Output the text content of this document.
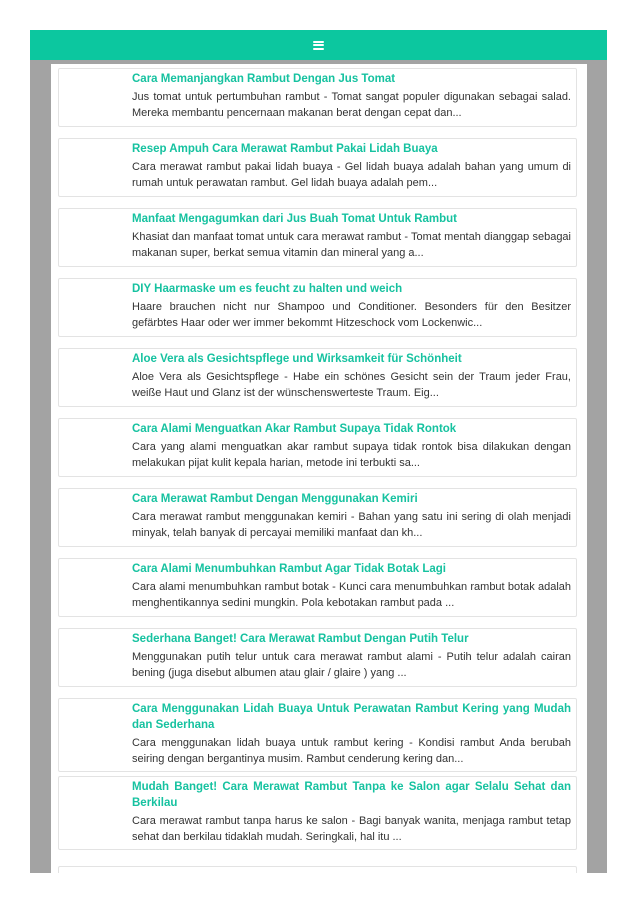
Cara Memanjangkan Rambut Dengan Jus Tomat

Jus tomat untuk pertumbuhan rambut - Tomat sangat populer digunakan sebagai salad. Mereka membantu pencernaan makanan berat dengan cepat dan...

Resep Ampuh Cara Merawat Rambut Pakai Lidah Buaya

Cara merawat rambut pakai lidah buaya - Gel lidah buaya adalah bahan yang umum di rumah untuk perawatan rambut. Gel lidah buaya adalah pem...

Manfaat Mengagumkan dari Jus Buah Tomat Untuk Rambut

Khasiat dan manfaat tomat untuk cara merawat rambut - Tomat mentah dianggap sebagai makanan super, berkat semua vitamin dan mineral yang a...

DIY Haarmaske um es feucht zu halten und weich

Haare brauchen nicht nur Shampoo und Conditioner. Besonders für den Besitzer gefärbtes Haar oder wer immer bekommt Hitzeschock vom Lockenwic...

Aloe Vera als Gesichtspflege und Wirksamkeit für Schönheit

Aloe Vera als Gesichtspflege - Habe ein schönes Gesicht sein der Traum jeder Frau, weiße Haut und Glanz ist der wünschenswerteste Traum. Eig...

Cara Alami Menguatkan Akar Rambut Supaya Tidak Rontok

Cara yang alami menguatkan akar rambut supaya tidak rontok bisa dilakukan dengan melakukan pijat kulit kepala harian, metode ini terbukti sa...

Cara Merawat Rambut Dengan Menggunakan Kemiri

Cara merawat rambut menggunakan kemiri - Bahan yang satu ini sering di olah menjadi minyak, telah banyak di percayai memiliki manfaat dan kh...

Cara Alami Menumbuhkan Rambut Agar Tidak Botak Lagi

Cara alami menumbuhkan rambut botak - Kunci cara menumbuhkan rambut botak adalah menghentikannya sedini mungkin. Pola kebotakan rambut pada ...

Sederhana Banget! Cara Merawat Rambut Dengan Putih Telur

Menggunakan putih telur untuk cara merawat rambut alami - Putih telur adalah cairan bening (juga disebut albumen atau glair / glaire ) yang ...

Cara Menggunakan Lidah Buaya Untuk Perawatan Rambut Kering yang Mudah dan Sederhana

Cara menggunakan lidah buaya untuk rambut kering - Kondisi rambut Anda berubah seiring dengan bergantinya musim. Rambut cenderung kering dan...

Mudah Banget! Cara Merawat Rambut Tanpa ke Salon agar Selalu Sehat dan Berkilau

Cara merawat rambut tanpa harus ke salon - Bagi banyak wanita, menjaga rambut tetap sehat dan berkilau tidaklah mudah. Seringkali, hal itu ...
